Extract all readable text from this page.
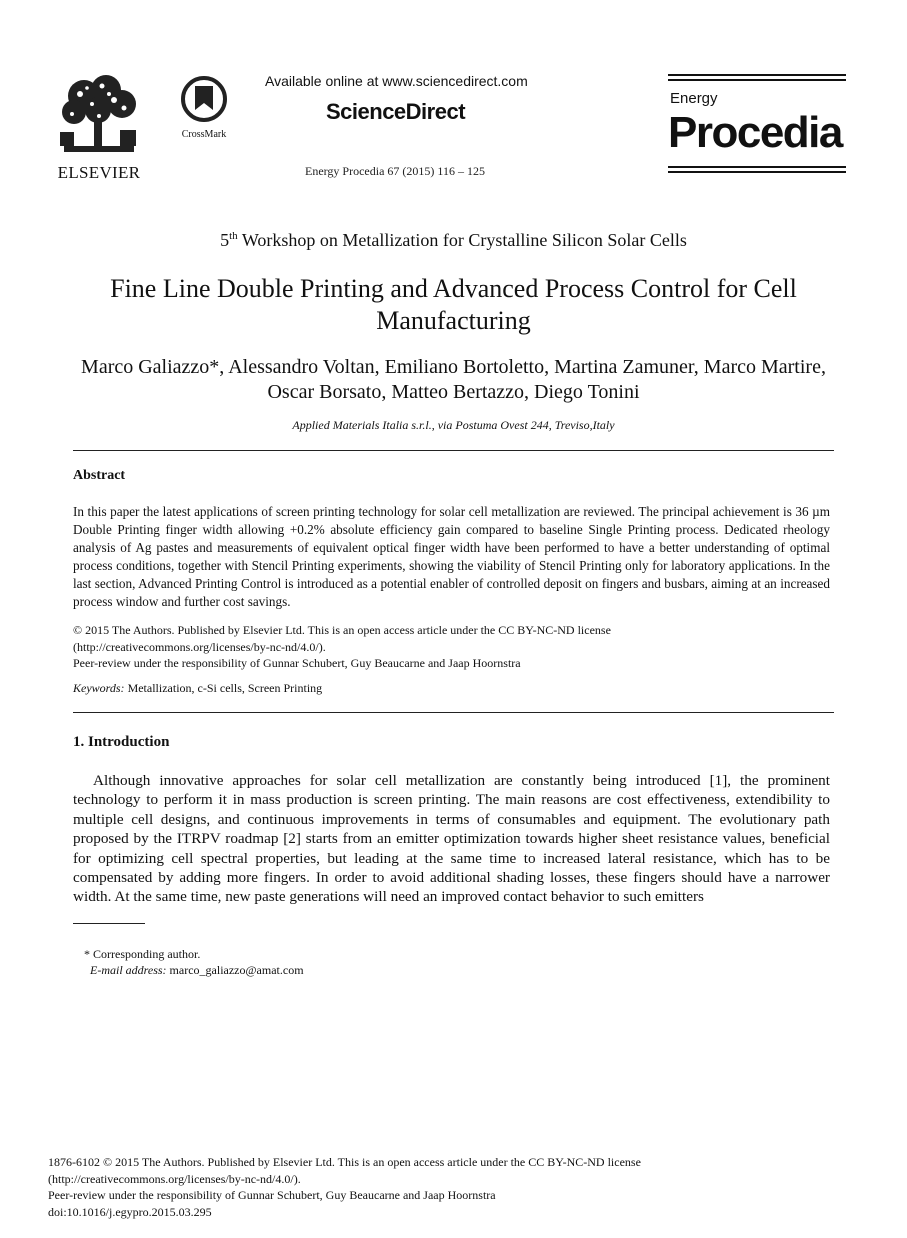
ELSEVIER
CrossMark
Available online at www.sciencedirect.com
ScienceDirect
Energy Procedia 67 (2015) 116 – 125
Energy
Procedia
5th Workshop on Metallization for Crystalline Silicon Solar Cells
Fine Line Double Printing and Advanced Process Control for Cell Manufacturing
Marco Galiazzo*, Alessandro Voltan, Emiliano Bortoletto, Martina Zamuner, Marco Martire, Oscar Borsato, Matteo Bertazzo, Diego Tonini
Applied Materials Italia s.r.l., via Postuma Ovest 244, Treviso,Italy
Abstract
In this paper the latest applications of screen printing technology for solar cell metallization are reviewed. The principal achievement is 36 µm Double Printing finger width allowing +0.2% absolute efficiency gain compared to baseline Single Printing process. Dedicated rheology analysis of Ag pastes and measurements of equivalent optical finger width have been performed to have a better understanding of optimal process conditions, together with Stencil Printing experiments, showing the viability of Stencil Printing only for laboratory applications. In the last section, Advanced Printing Control is introduced as a potential enabler of controlled deposit on fingers and busbars, aiming at an increased process window and further cost savings.
© 2015 The Authors. Published by Elsevier Ltd. This is an open access article under the CC BY-NC-ND license
(http://creativecommons.org/licenses/by-nc-nd/4.0/).
Peer-review under the responsibility of Gunnar Schubert, Guy Beaucarne and Jaap Hoornstra
Keywords: Metallization, c-Si cells, Screen Printing
1. Introduction
Although innovative approaches for solar cell metallization are constantly being introduced [1], the prominent technology to perform it in mass production is screen printing. The main reasons are cost effectiveness, extendibility to multiple cell designs, and continuous improvements in terms of consumables and equipment. The evolutionary path proposed by the ITRPV roadmap [2] starts from an emitter optimization towards higher sheet resistance values, beneficial for optimizing cell spectral properties, but leading at the same time to increased lateral resistance, which has to be compensated by adding more fingers. In order to avoid additional shading losses, these fingers should have a narrower width. At the same time, new paste generations will need an improved contact behavior to such emitters
* Corresponding author.
E-mail address: marco_galiazzo@amat.com
1876-6102 © 2015 The Authors. Published by Elsevier Ltd. This is an open access article under the CC BY-NC-ND license
(http://creativecommons.org/licenses/by-nc-nd/4.0/).
Peer-review under the responsibility of Gunnar Schubert, Guy Beaucarne and Jaap Hoornstra
doi:10.1016/j.egypro.2015.03.295
